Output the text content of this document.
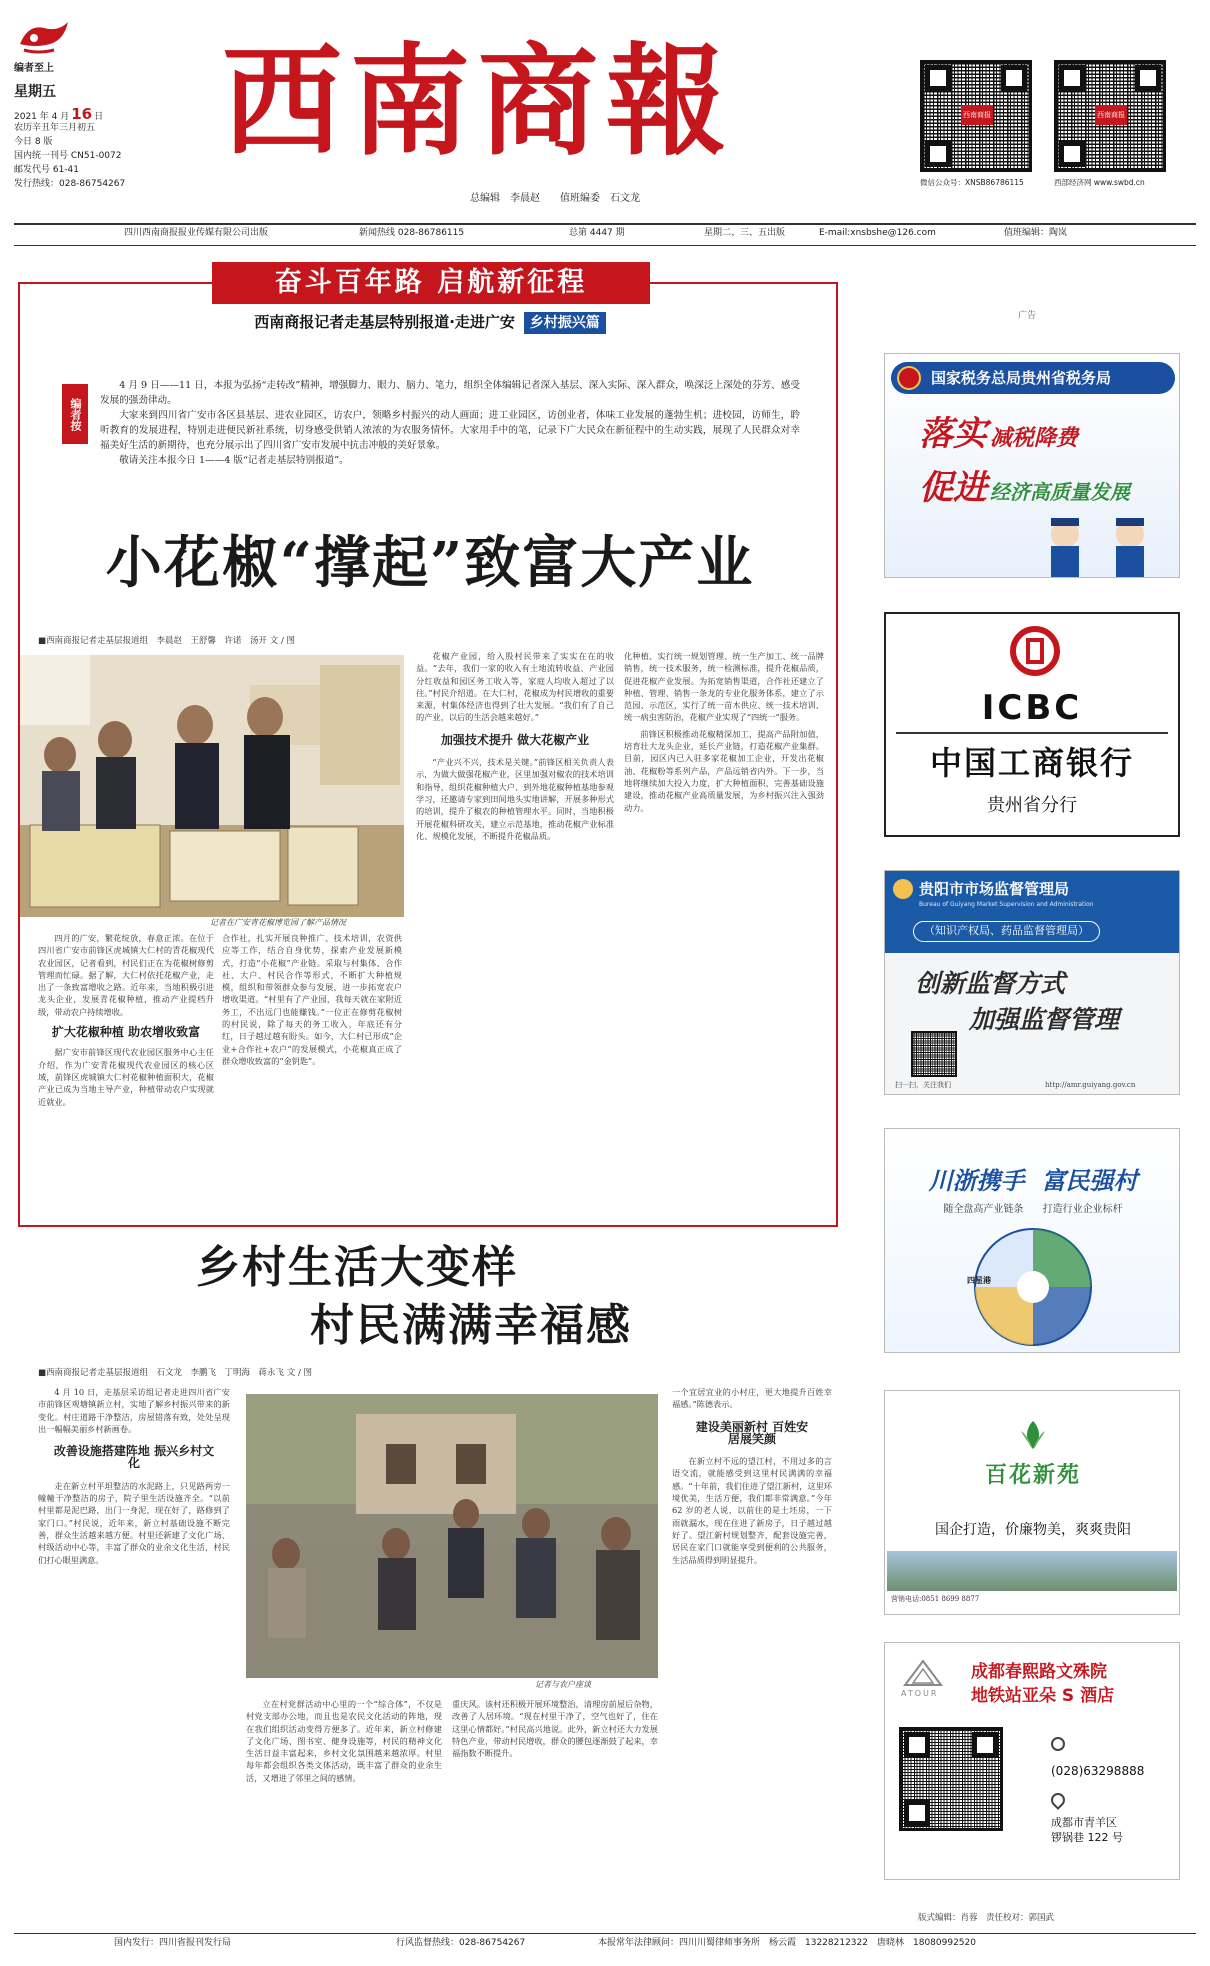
编者至上
星期五
2021 年 4 月 16 日
农历辛丑年三月初五
今日 8 版
国内统一刊号 CN51-0072
邮发代号 61-41
发行热线：028-86754267
西南商報
总编辑　李晨赵　　值班编委　石文龙
西南商报
微信公众号：XNSB86786115
西南商报
西部经济网 www.swbd.cn
四川西南商报报业传媒有限公司出版	新闻热线 028-86786115	总第 4447 期	星期二、三、五出版	E-mail:xnsbshe@126.com	值班编辑：陶岚
奋斗百年路 启航新征程
西南商报记者走基层特别报道·走进广安 乡村振兴篇
编者按

4 月 9 日——11 日，本报为弘扬“走转改”精神，增强脚力、眼力、脑力、笔力，组织全体编辑记者深入基层、深入实际、深入群众，唤深泛上深处的芬芳、感受发展的强劲律动。

大家来到四川省广安市各区县基层、进农业园区，访农户，领略乡村振兴的动人画面；进工业园区，访创业者，体味工业发展的蓬勃生机；进校园，访师生，聆听教育的发展进程，特别走进便民新社系统，切身感受供销人浓浓的为农服务情怀。大家用手中的笔，记录下广大民众在新征程中的生动实践，展现了人民群众对幸福美好生活的新期待，也充分展示出了四川省广安市发展中抗击冲般的美好景象。

敬请关注本报今日 1——4 版“记者走基层特别报道”。

小花椒“撑起”致富大产业
■西南商报记者走基层报道组　李晨赵　王舒馨　许诺　汤开 文 / 图
记者在广安青花椒博览园了解产品情况

四月的广安，繁花绽放，春意正浓。在位于四川省广安市前锋区虎城镇大仁村的青花椒现代农业园区，记者看到，村民们正在为花椒树修剪管理而忙碌。据了解，大仁村依托花椒产业，走出了一条致富增收之路。近年来，当地积极引进龙头企业，发展青花椒种植，推动产业提档升级，带动农户持续增收。

扩大花椒种植 助农增收致富

据广安市前锋区现代农业园区服务中心主任介绍，作为广安青花椒现代农业园区的核心区域，前锋区虎城镇大仁村花椒种植面积大，花椒产业已成为当地主导产业，种植带动农户实现就近就业。

合作社，扎实开展良种推广、技术培训，农资供应等工作，结合自身优势，探索产业发展新模式，打造“小花椒”产业链。采取与村集体、合作社、大户、村民合作等形式，不断扩大种植规模，组织和带领群众参与发展，进一步拓宽农户增收渠道。“村里有了产业园，我每天就在家附近务工，不出远门也能赚钱。”一位正在修剪花椒树的村民说，除了每天的务工收入，年底还有分红，日子越过越有盼头。如今，大仁村已形成“企业+合作社+农户”的发展模式，小花椒真正成了群众增收致富的“金钥匙”。

花椒产业园，给入股村民带来了实实在在的收益。“去年，我们一家的收入有土地流转收益、产业园分红收益和园区务工收入等，家庭人均收入超过了以往。”村民介绍道。在大仁村，花椒成为村民增收的重要来源，村集体经济也得到了壮大发展。“我们有了自己的产业，以后的生活会越来越好。”

加强技术提升 做大花椒产业

“产业兴不兴，技术是关键。”前锋区相关负责人表示，为做大做强花椒产业，区里加强对椒农的技术培训和指导，组织花椒种植大户、到外地花椒种植基地参观学习，还邀请专家到田间地头实地讲解，开展多种形式的培训，提升了椒农的种植管理水平。同时，当地积极开展花椒科研攻关，建立示范基地，推动花椒产业标准化、规模化发展，不断提升花椒品质。

化种植、实行统一规划管理、统一生产加工、统一品牌销售，统一技术服务，统一检测标准，提升花椒品质，促进花椒产业发展。为拓宽销售渠道，合作社还建立了种植、管理、销售一条龙的专业化服务体系，建立了示范园、示范区，实行了统一苗木供应、统一技术培训、统一病虫害防治，花椒产业实现了“四统一”服务。

前锋区积极推动花椒精深加工，提高产品附加值，培育壮大龙头企业，延长产业链，打造花椒产业集群。目前，园区内已入驻多家花椒加工企业，开发出花椒油、花椒粉等系列产品，产品远销省内外。下一步，当地将继续加大投入力度，扩大种植面积，完善基础设施建设，推动花椒产业高质量发展，为乡村振兴注入强劲动力。

乡村生活大变样
村民满满幸福感
■西南商报记者走基层报道组　石文龙　李鹏飞　丁明海　蒋永飞 文 / 图

4 月 10 日，走基层采访组记者走进四川省广安市前锋区观塘镇新立村，实地了解乡村振兴带来的新变化。村庄道路干净整洁，房屋错落有致，处处呈现出一幅幅美丽乡村新画卷。

改善设施搭建阵地 振兴乡村文化

走在新立村平坦整洁的水泥路上，只见路两旁一幢幢干净整洁的房子，院子里生活设施齐全。“以前村里都是泥巴路，出门一身泥，现在好了，路修到了家门口。”村民说，近年来，新立村基础设施不断完善，群众生活越来越方便。村里还新建了文化广场、村级活动中心等，丰富了群众的业余文化生活，村民们打心眼里满意。

记者与农户座谈

立在村党群活动中心里的一个“综合体”，不仅是村党支部办公地，而且也是农民文化活动的阵地，现在我们组织活动变得方便多了。近年来，新立村修建了文化广场、图书室、健身设施等，村民的精神文化生活日益丰富起来，乡村文化氛围越来越浓厚。村里每年都会组织各类文体活动，既丰富了群众的业余生活，又增进了邻里之间的感情。

重庆风。该村还积极开展环境整治，清理房前屋后杂物，改善了人居环境。“现在村里干净了，空气也好了，住在这里心情都好。”村民高兴地说。此外，新立村还大力发展特色产业，带动村民增收，群众的腰包逐渐鼓了起来，幸福指数不断提升。

一个宜居宜业的小村庄，更大地提升百姓幸福感。”陈德表示。

建设美丽新村 百姓安居展笑颜

在新立村不远的望江村，不用过多的言语交流，就能感受到这里村民满满的幸福感。“十年前，我们住进了望江新村，这里环境优美，生活方便，我们都非常满意。”今年 62 岁的老人说，以前住的是土坯房，一下雨就漏水，现在住进了新房子，日子越过越好了。望江新村规划整齐，配套设施完善，居民在家门口就能享受到便利的公共服务，生活品质得到明显提升。

广告
国家税务总局贵州省税务局
落实 减税降费
促进 经济高质量发展
ICBC
中国工商银行
贵州省分行
贵阳市市场监督管理局
Bureau of Guiyang Market Supervision and Administration
（知识产权局、药品监督管理局）
创新监督方式
加强监督管理
扫一扫，关注我们	http://amr.guiyang.gov.cn
川浙携手 富民强村
随全盘高产业链条 打造行业企业标杆
四星港
百花新苑
国企打造，价廉物美，爽爽贵阳
营销电话:0851 8699 8877
ATOUR
成都春熙路文殊院
地铁站亚朵 S 酒店
(028)63298888
成都市青羊区
锣锅巷 122 号
版式编辑：肖蓉　责任校对：郭国武
国内发行：四川省报刊发行局	行风监督热线：028-86754267	本报常年法律顾问：四川川蜀律师事务所　杨云霞　13228212322　唐晓林　18080992520
